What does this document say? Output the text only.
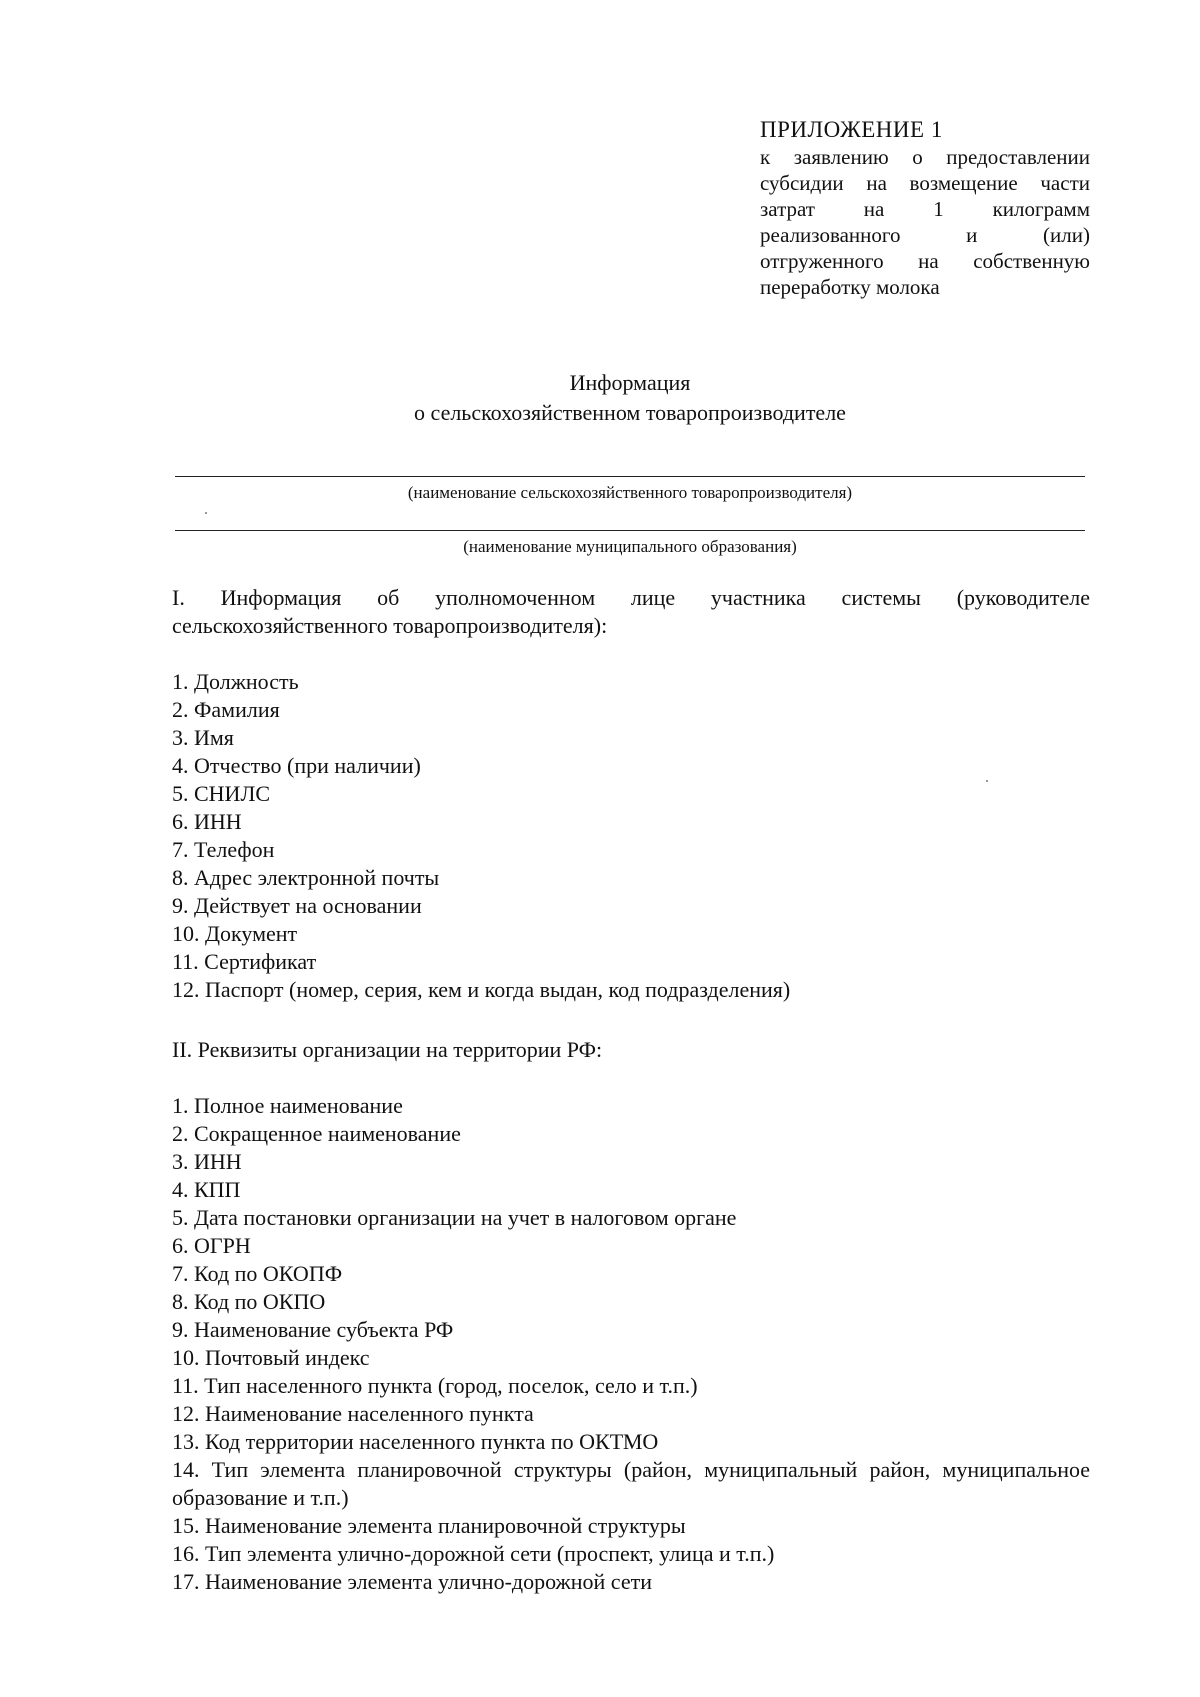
ПРИЛОЖЕНИЕ 1
к заявлению о предоставлении субсидии на возмещение части затрат на 1 килограмм реализованного и (или) отгруженного на собственную переработку молока
Информация
о сельскохозяйственном товаропроизводителе
(наименование сельскохозяйственного товаропроизводителя)
(наименование муниципального образования)
I. Информация об уполномоченном лице участника системы (руководителе сельскохозяйственного товаропроизводителя):
1. Должность
2. Фамилия
3. Имя
4. Отчество (при наличии)
5. СНИЛС
6. ИНН
7. Телефон
8. Адрес электронной почты
9. Действует на основании
10. Документ
11. Сертификат
12. Паспорт (номер, серия, кем и когда выдан, код подразделения)
II. Реквизиты организации на территории РФ:
1. Полное наименование
2. Сокращенное наименование
3. ИНН
4. КПП
5. Дата постановки организации на учет в налоговом органе
6. ОГРН
7. Код по ОКОПФ
8. Код по ОКПО
9. Наименование субъекта РФ
10. Почтовый индекс
11. Тип населенного пункта (город, поселок, село и т.п.)
12. Наименование населенного пункта
13. Код территории населенного пункта по ОКТМО
14. Тип элемента планировочной структуры (район, муниципальный район, муниципальное образование и т.п.)
15. Наименование элемента планировочной структуры
16. Тип элемента улично-дорожной сети (проспект, улица и т.п.)
17. Наименование элемента улично-дорожной сети
